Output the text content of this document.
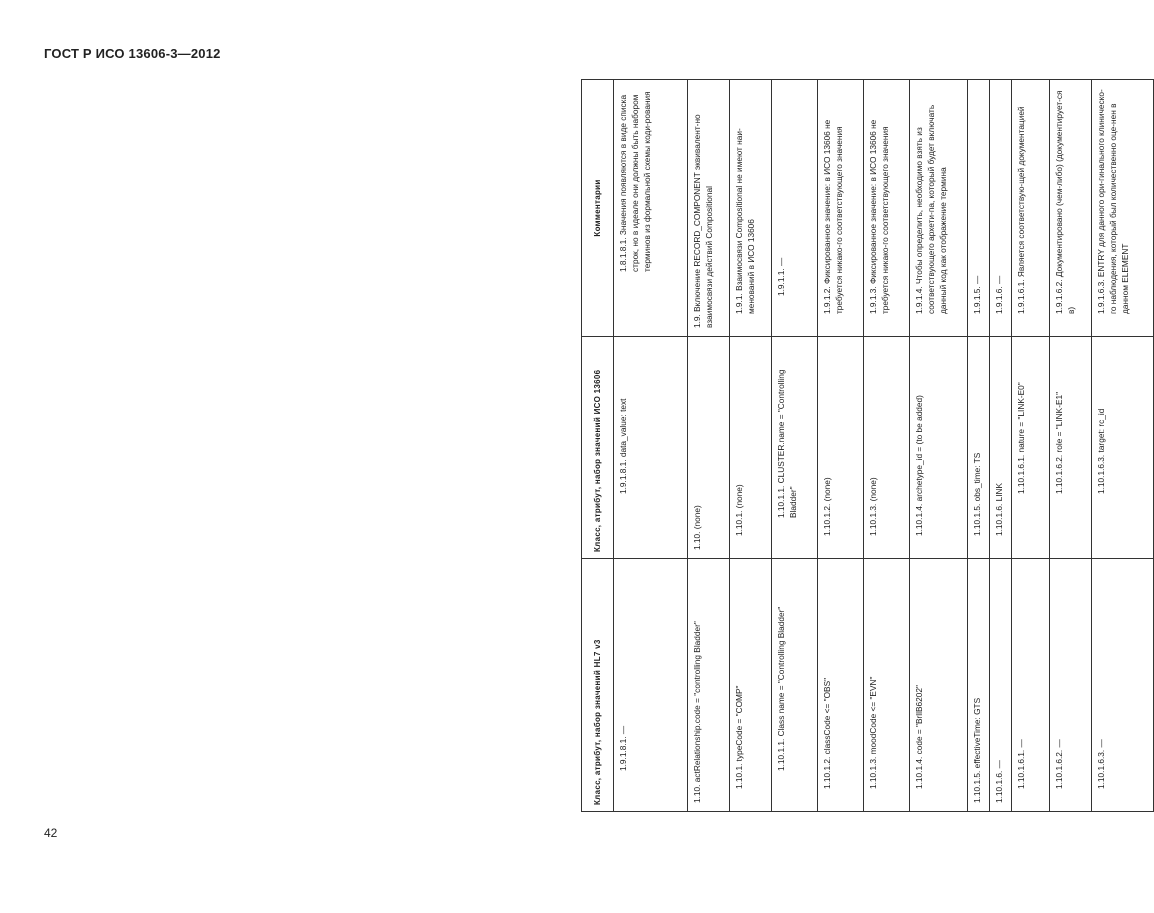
ГОСТ Р ИСО 13606-3—2012
Класс, атрибут, набор значений HL7 v3	Класс, атрибут, набор значений ИСО 13606	Комментарии
1.9.1.8.1. —	1.9.1.8.1. data_value: text	1.8.1.8.1. Значения появляются в виде списка строк, но в идеале они должны быть набором терминов из формальной схемы коди-рования
1.10. actRelationship.code = "controlling Bladder"	1.10. (none)	1.9. Включение RECORD_COMPONENT эквивалент-но взаимосвязи действий Compositional
1.10.1. typeCode = "COMP"	1.10.1. (none)	1.9.1. Взаимосвязи Compositional не имеют наи-менований в ИСО 13606
1.10.1.1. Class name = "Controlling Bladder"	1.10.1.1. CLUSTER.name = "Controlling Bladder"	1.9.1.1. —
1.10.1.2. classCode <= "OBS"	1.10.1.2. (none)	1.9.1.2. Фиксированное значение: в ИСО 13606 не требуется никако-го соответствующего значения
1.10.1.3. moodCode <= "EVN"	1.10.1.3. (none)	1.9.1.3. Фиксированное значение: в ИСО 13606 не требуется никако-го соответствующего значения
1.10.1.4. code = "BrllB6202"	1.10.1.4. archetype_id = (to be added)	1.9.1.4. Чтобы определить, необходимо взять из соответствующего архети-па, который будет включать данный код как отображение термина
1.10.1.5. effectiveTime: GTS	1.10.1.5. obs_time: TS	1.9.1.5. —
1.10.1.6. —	1.10.1.6. LINK	1.9.1.6. —
1.10.1.6.1. —	1.10.1.6.1. nature = "LINK-E0"	1.9.1.6.1. Является соответствую-щей документацией
1.10.1.6.2. —	1.10.1.6.2. role = "LINK-E1"	1.9.1.6.2. Документировано (чем-либо) (документирует-ся в)
1.10.1.6.3. —	1.10.1.6.3. target: rc_id	1.9.1.6.3. ENTRY для данного ори-гинального клиническо-го наблюдения, который был количественно оце-нен в данном ELEMENT
42
